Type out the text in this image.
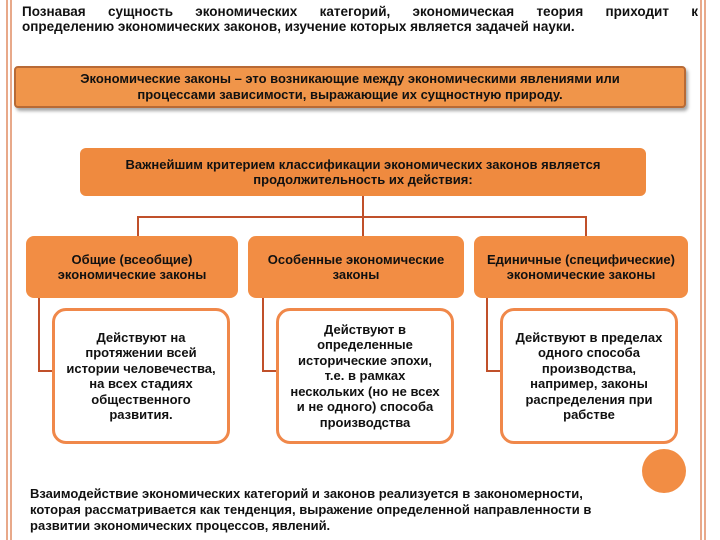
Познавая сущность экономических категорий, экономическая теория приходит к
определению экономических законов, изучение которых является задачей науки.
Экономические законы – это возникающие между экономическими явлениями или
процессами зависимости, выражающие их сущностную природу.
Важнейшим критерием классификации экономических законов является
продолжительность их действия:
Общие (всеобщие)
экономические законы
Особенные экономические
законы
Единичные (специфические)
экономические законы
Действуют на
протяжении всей
истории человечества,
на всех стадиях
общественного
развития.
Действуют в
определенные
исторические эпохи,
т.е. в рамках
нескольких (но не всех
и не одного) способа
производства
Действуют в пределах
одного способа
производства,
например, законы
распределения при
рабстве
Взаимодействие экономических категорий и законов реализуется в закономерности,
которая рассматривается как тенденция, выражение определенной направленности в
развитии экономических процессов, явлений.
